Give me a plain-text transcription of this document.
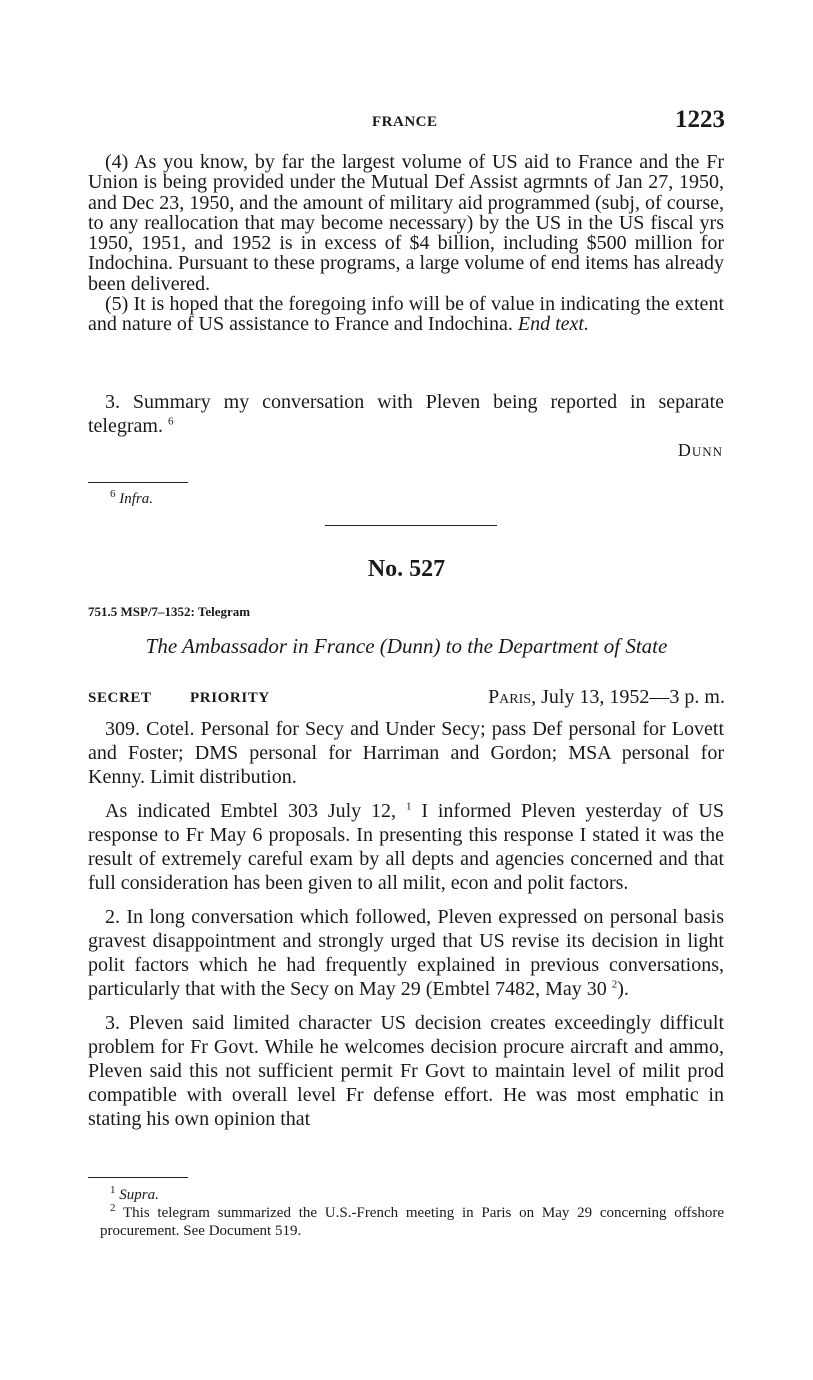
FRANCE	1223

(4) As you know, by far the largest volume of US aid to France and the Fr Union is being provided under the Mutual Def Assist agrmnts of Jan 27, 1950, and Dec 23, 1950, and the amount of military aid programmed (subj, of course, to any reallocation that may become necessary) by the US in the US fiscal yrs 1950, 1951, and 1952 is in excess of $4 billion, including $500 million for Indochina. Pursuant to these programs, a large volume of end items has already been delivered.

(5) It is hoped that the foregoing info will be of value in indicating the extent and nature of US assistance to France and Indochina. End text.

3. Summary my conversation with Pleven being reported in separate telegram. $^6$

Dunn

$^6$ Infra.

No. 527
751.5 MSP/7–1352: Telegram
The Ambassador in France (Dunn) to the Department of State
SECRET	PRIORITY	Paris, July 13, 1952—3 p. m.

309. Cotel. Personal for Secy and Under Secy; pass Def personal for Lovett and Foster; DMS personal for Harriman and Gordon; MSA personal for Kenny. Limit distribution.

As indicated Embtel 303 July 12, $^1$ I informed Pleven yesterday of US response to Fr May 6 proposals. In presenting this response I stated it was the result of extremely careful exam by all depts and agencies concerned and that full consideration has been given to all milit, econ and polit factors.

2. In long conversation which followed, Pleven expressed on personal basis gravest disappointment and strongly urged that US revise its decision in light polit factors which he had frequently explained in previous conversations, particularly that with the Secy on May 29 (Embtel 7482, May 30 $^2$).

3. Pleven said limited character US decision creates exceedingly difficult problem for Fr Govt. While he welcomes decision procure aircraft and ammo, Pleven said this not sufficient permit Fr Govt to maintain level of milit prod compatible with overall level Fr defense effort. He was most emphatic in stating his own opinion that

$^1$ Supra.

$^2$ This telegram summarized the U.S.-French meeting in Paris on May 29 concerning offshore procurement. See Document 519.
